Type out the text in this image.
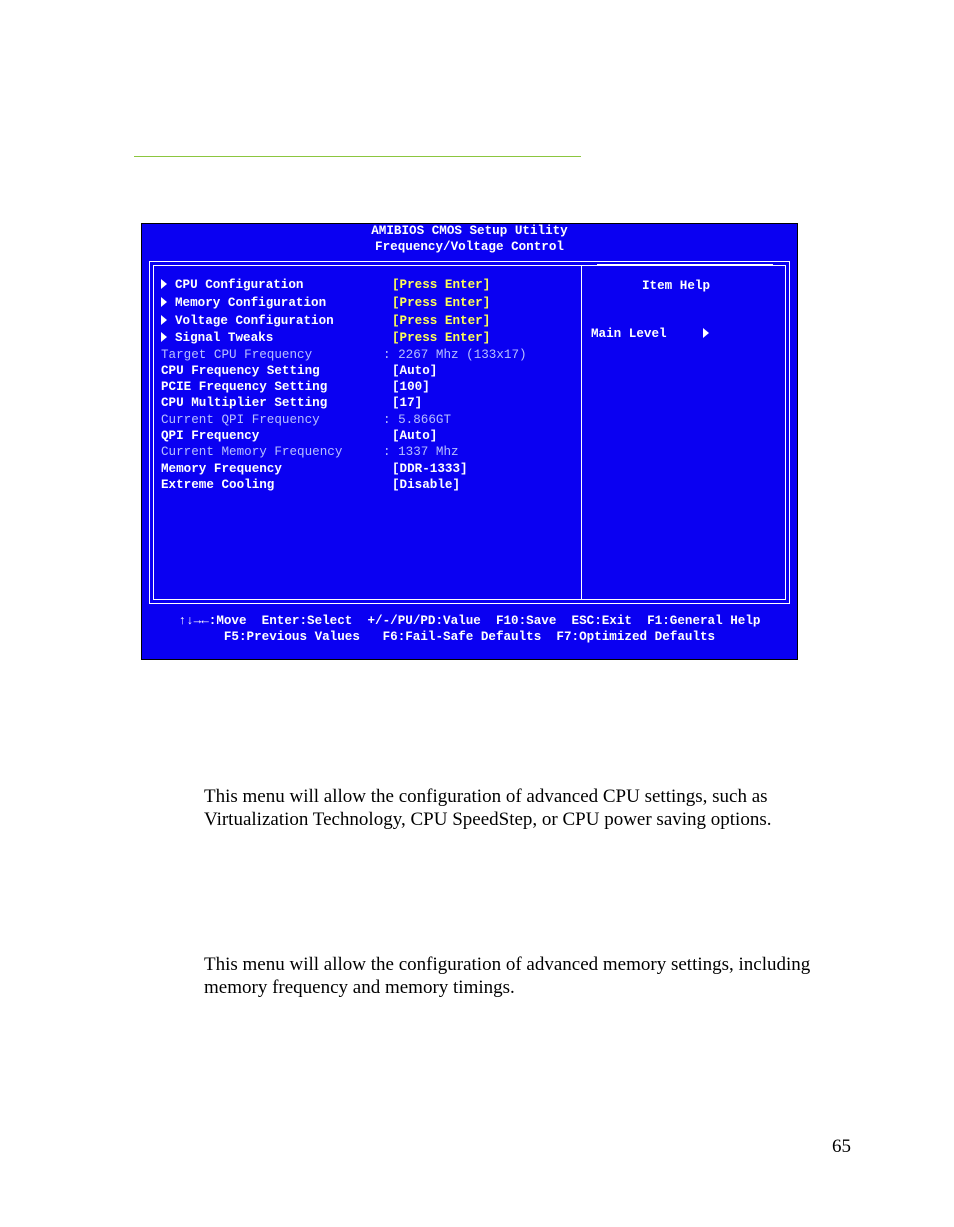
AMIBIOS CMOS Setup Utility
Frequency/Voltage Control
CPU Configuration	[Press Enter]
Memory Configuration	[Press Enter]
Voltage Configuration	[Press Enter]
Signal Tweaks	[Press Enter]
Target CPU Frequency	: 2267 Mhz (133x17)
CPU Frequency Setting	[Auto]
PCIE Frequency Setting	[100]
CPU Multiplier Setting	[17]
Current QPI Frequency	: 5.866GT
QPI Frequency	[Auto]
Current Memory Frequency	: 1337 Mhz
Memory Frequency	[DDR-1333]
Extreme Cooling	[Disable]
Item Help
Main Level
↑↓→←:Move  Enter:Select  +/-/PU/PD:Value  F10:Save  ESC:Exit  F1:General Help
F5:Previous Values   F6:Fail-Safe Defaults  F7:Optimized Defaults
This menu will allow the configuration of advanced CPU settings, such as
Virtualization Technology, CPU SpeedStep, or CPU power saving options.
This menu will allow the configuration of advanced memory settings, including
memory frequency and memory timings.
65
